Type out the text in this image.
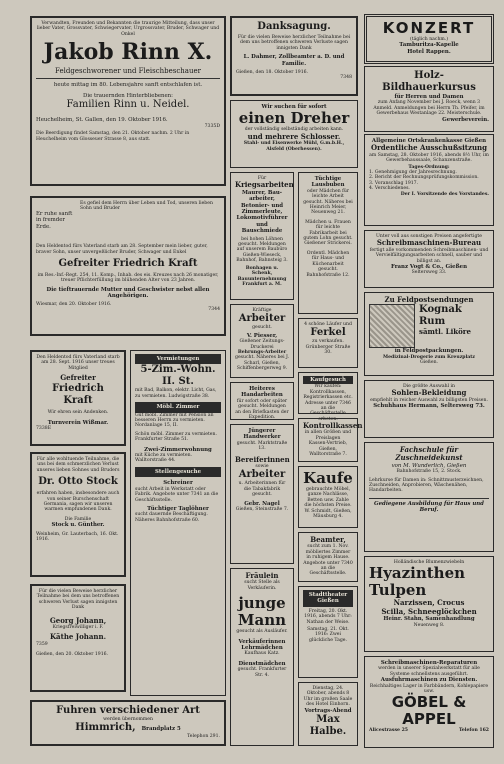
Verwandten, Freunden und Bekannten die traurige Mitteilung, dass unser lieber Vater, Grossvater, Schwiegervater, Urgrossvater, Bruder, Schwager und Onkel

Jakob Rinn X.

Feldgeschworener und Fleischbeschauer

heute mittag im 80. Lebensjahre sanft entschlafen ist.

Die trauernden Hinterbliebenen:

Familien Rinn u. Neidel.

Heuchelheim, St. Gallen, den 19. Oktober 1916.

7335D

Die Beerdigung findet Samstag, den 21. Oktober nachm. 2 Uhr in Heuchelheim vom Glosseuer Strasse 8, aus statt.

Er ruhe sanft in fremder Erde.

Es gefiel dem Herrn über Leben und Tod, unseren lieben Sohn und Bruder

Den Heldentod fürs Vaterland starb am 28. September mein lieber, guter, braver Sohn, unser unvergeßlicher Bruder, Schwager und Enkel

Gefreiter Friedrich Kraft

im Res.-Inf.-Regt. 254, 11. Komp., Inhab. des eis. Kreuzes nach 26 monatiger, treuer Pflichterfüllung im blühenden Alter von 23 Jahren.

Die tieftrauernde Mutter und Geschwister nebst allen Angehörigen.

Wiesmar, den 20. Oktober 1916.

7344

Den Heldentod fürs Vaterland starb am 28. Sept. 1916 unser treues Mitglied

Gefreiter

Friedrich Kraft

Wir ehren sein Andenken.

Turnverein Wißmar.

7338E

Für alle wohltuende Teilnahme, die uns bei dem schmerzlichen Verlust unseres lieben Sohnes und Bruders

Dr. Otto Stock

erfahren haben, insbesondere auch von seiner Burschenschaft Germania, sagen wir unseren warmen empfundenen Dank.

Die Familie

Stock u. Günther.

Weinheim, Gr. Lauterbach, 16. Okt. 1916.

Für die vielen Beweise herzlicher Teilnahme bei dem uns betroffenen schweren Verlust sagen innigsten Dank

Georg Johann,

Kriegsfreiwilliger i. F.

Käthe Johann.

7359

Gießen, den 20. Oktober 1916.

Fuhren verschiedener Art

werden übernommen

Himmrich, Brandplatz 5

Telephon 291.

Vermietungen

5-Zim.-Wohn. II. St.

mit Bad, Balkon, elektr. Licht, Gas, zu vermieten. Ludwigstraße 38.

Möbl. Zimmer

Gut möbl. Zimmer mit Pension an besseren Herrn zu vermieten. Nordanlage 15, II.

Schön möbl. Zimmer zu vermieten. Frankfurter Straße 51.

Zwei-Zimmerwohnung

mit Küche zu vermieten. Walltorstraße 44.

Stellengesuche

Schreiner

sucht Arbeit in Werkstatt oder Fabrik. Angebote unter 7341 an die Geschäftsstelle.

Tüchtiger Taglöhner

sucht dauernde Beschäftigung. Näheres Bahnhofstraße 60.

Danksagung.

Für die vielen Beweise herzlicher Teilnahme bei dem uns betroffenen schweren Verluste sagen innigsten Dank

L. Dahmer, Zollbeamter a. D. und Familie.

Gießen, den 18. Oktober 1916.

7348

Wir suchen für sofort

einen Dreher

der vollständig selbständig arbeiten kann.

und mehrere Schlosser.

Stahl- und Eisenwerke Mühl, G.m.b.H., Alsfeld (Oberhessen).

Für

Kriegsarbeiten

Maurer, Bau-

arbeiter,

Betonier- und

Zimmerleute,

Lokomotivführer

und Bauschmiede

bei hohen Löhnen gesucht. Meldungen auf unserem Baubüro Gießen-Wieseck, Bahnhof, Bahnsteig 3.

Bonhagen u. Schenk, Bauunternehmung Frankfurt a. M.

Kräftige

Arbeiter

gesucht.

V. Piesser,

Gießener Zeitungs-Druckerei

Behrungs-Arbeiter

gesucht. Näheres bei J. Scharl, Gießen, Schiffenbergerweg 9.

Heiteres Handarbeiten

für sofort oder später gesucht. Meldungen an den Briefkasten der Expedition.

Jüngerer Handwerker

gesucht. Marktstraße 13.

Bereiferinnen

sowie

Arbeiter

u. Arbeiterinnen für die Tabakfabrik gesucht.

Gebr. Nagel

Gießen, Steinstraße 7.

Fräulein

sucht Stelle als Verkäuferin.

junge Mann

gesucht als Ausläufer.

Verkäuferinnen

Lehrmädchen

Kaufhaus Katz.

Dienstmädchen

gesucht. Frankfurter Str. 4.

Tüchtige Lausbuben

oder Mädchen für leichte Arbeit gesucht. Näheres bei Heinrich Meier, Neuenweg 21.

Mädchen u. Frauen für leichte Fabrikarbeit bei gutem Lohn gesucht. Gießener Strickerei.

Ordentl. Mädchen für Haus- und Küchenarbeit gesucht. Bahnhofstraße 12.

4 schöne Läufer und

Ferkel

zu verkaufen. Grünberger Straße 30.

Kaufgesuch

Wir kaufen: Kontrollkassen, Registrierkassen etc. Adresse unter 7346 an die Geschäftsstelle erbeten.

Kontrollkassen

in allen Größen und Preislagen

Kassen-Vertrieb, Gießen, Walltorstraße 7.

Kaufe

gebrauchte Möbel, ganze Nachlässe, Betten usw. Zahle die höchsten Preise. W. Schmidt, Gießen, Mäusburg 4.

Beamter,

sucht zum 1. Nov. möbliertes Zimmer in ruhigem Hause. Angebote unter 7340 an die Geschäftsstelle.

Stadttheater Gießen

Freitag, 20. Okt. 1916, abends 7 Uhr: Nathan der Weise.

Samstag, 21. Okt. 1916: Zwei glückliche Tage.

Dienstag, 24. Oktober, abends 8 Uhr im großen Saale des Hotel Einhorn.

Vortrags-Abend

Max Halbe.

KONZERT

(täglich nachm.)

Tamburitza-Kapelle

Hotel Rappen.

Holz-Bildhauerkursus

für Herren und Damen

zum Anfang November bei J. Roeck, wenn 3 Anmeld. Anmeldungen bei Herrn Th. Pfeifer, im Gewerbehaus Westanlage 22. Meisterschule.

Gewerbeverein.

Allgemeine Ortskrankenkasse Gießen

Ordentliche Ausschußsitzung

am Samstag, 28. Oktober 1916, abends 8½ Uhr, im Gewerbehaussaale, Schanzenstraße.

Tages-Ordnung:

1. Genehmigung der Jahresrechnung.

2. Bericht der Rechnungsprüfungskommission.

3. Voranschlag 1917.

4. Verschiedenes.

Der I. Vorsitzende des Vorstandes.

Unter voll aus sonstigen Preisen angefertigte

Schreibmaschinen-Bureau

fertigt alle vorkommenden Schreibmaschinen- und Vervielfältigungsarbeiten schnell, sauber und billigst an.

Franz Vogt & Co., Gießen

Seltersweg 33.

Zu Feldpostsendungen

Kognak

Rum

sämtl. Liköre

in Feldpostpackungen.

Medizinal-Drogerie zum Kreuzplatz

Gießen.

Die größte Auswahl in

Sohlen-Bekleidung

empfiehlt in reicher Auswahl zu billigsten Preisen.

Schuhhaus Hermann, Seltersweg 73.

Fachschule für Zuschneidekunst

von M. Wunderlich, Gießen

Bahnhofstraße 15, 2. Stock.

Lehrkurse für Damen in: Schnittmusterzeichnen, Zuschneiden, Anprobieren, Wäschenähen, Handarbeiten.

Gediegene Ausbildung für Haus und Beruf.

Holländische Blumenzwiebeln

Hyazinthen

Tulpen

Narzissen, Crocus

Scilla, Schneeglöckchen

Heinr. Stahn, Samenhandlung

Neuenweg 8.

Schreibmaschinen-Reparaturen

werden in unserer Spezialwerkstatt für alle Systeme schnellstens ausgeführt.

Ausfuhrmaschinen zu Diensten.

Reichhaltiges Lager in Farbbändern, Kohlepapiere usw.

GÖBEL & APPEL

Alicestrasse 25	Telefon 162
